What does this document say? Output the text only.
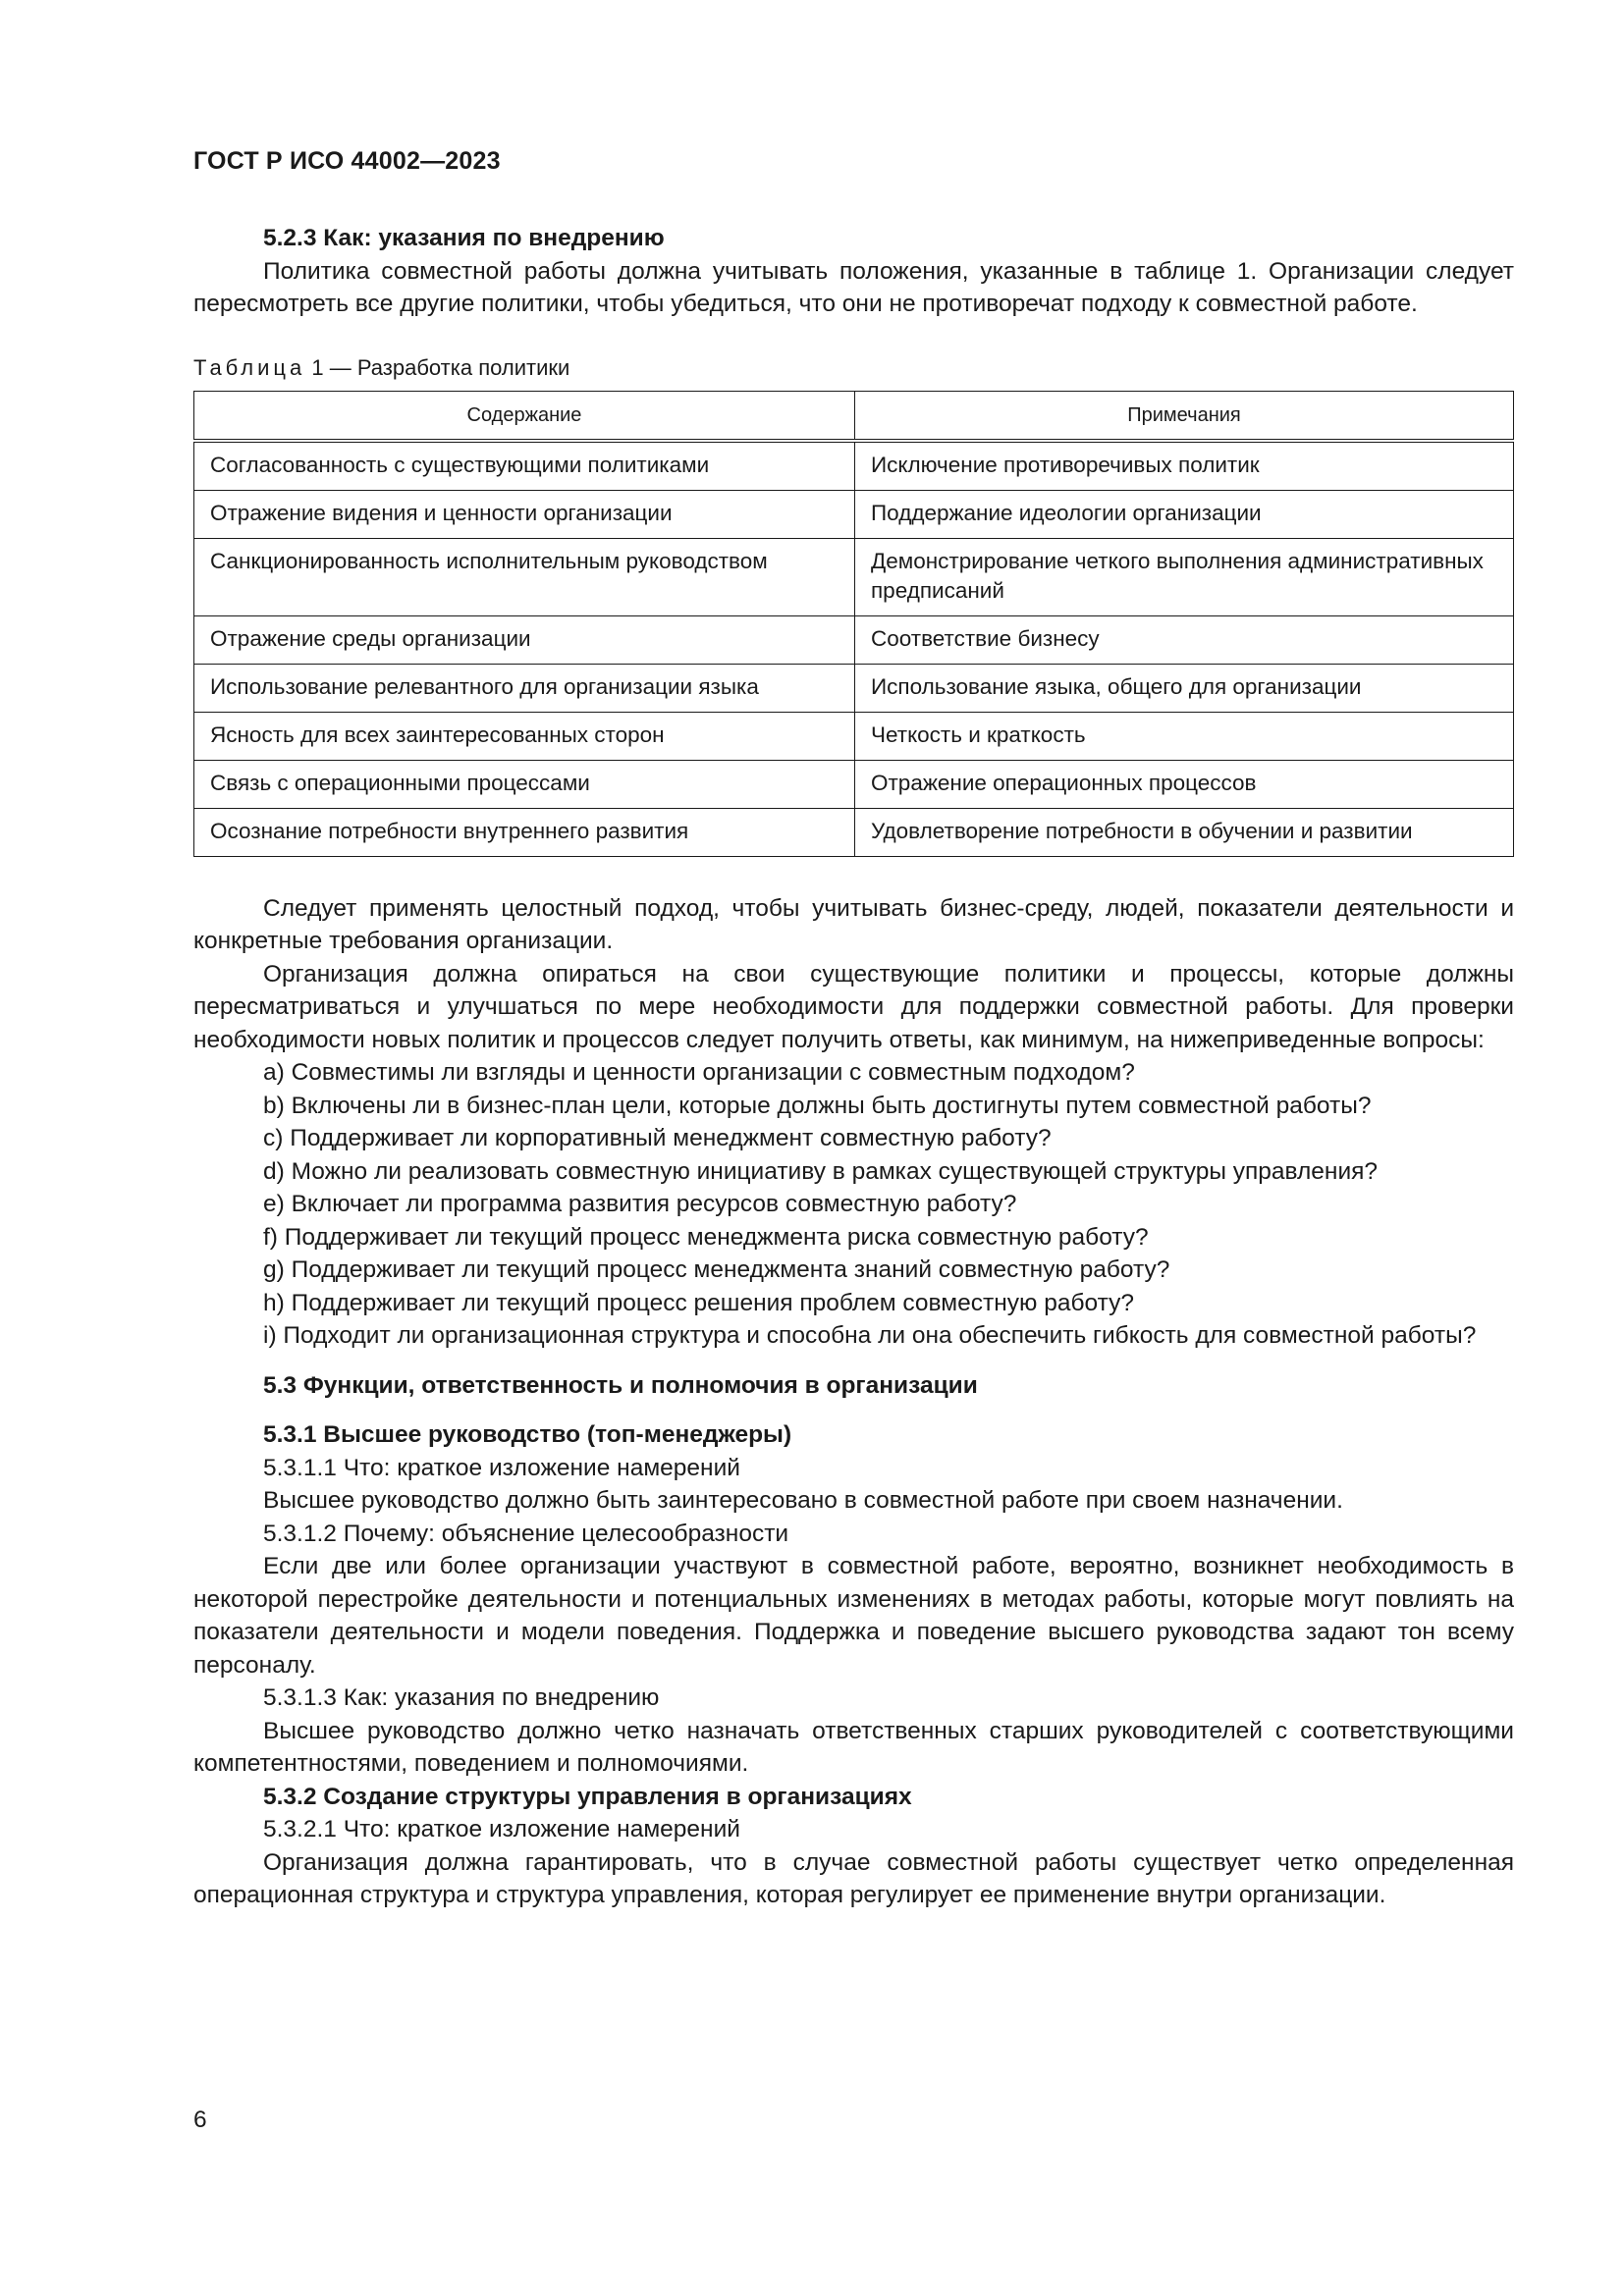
ГОСТ Р ИСО 44002—2023
5.2.3 Как: указания по внедрению

Политика совместной работы должна учитывать положения, указанные в таблице 1. Организации следует пересмотреть все другие политики, чтобы убедиться, что они не противоречат подходу к совместной работе.

Таблица 1 — Разработка политики
Содержание	Примечания
Согласованность с существующими политиками	Исключение противоречивых политик
Отражение видения и ценности организации	Поддержание идеологии организации
Санкционированность исполнительным руководством	Демонстрирование четкого выполнения административных предписаний
Отражение среды организации	Соответствие бизнесу
Использование релевантного для организации языка	Использование языка, общего для организации
Ясность для всех заинтересованных сторон	Четкость и краткость
Связь с операционными процессами	Отражение операционных процессов
Осознание потребности внутреннего развития	Удовлетворение потребности в обучении и развитии

Следует применять целостный подход, чтобы учитывать бизнес-среду, людей, показатели деятельности и конкретные требования организации.

Организация должна опираться на свои существующие политики и процессы, которые должны пересматриваться и улучшаться по мере необходимости для поддержки совместной работы. Для проверки необходимости новых политик и процессов следует получить ответы, как минимум, на нижеприведенные вопросы:

a) Совместимы ли взгляды и ценности организации с совместным подходом?
b) Включены ли в бизнес-план цели, которые должны быть достигнуты путем совместной работы?
c) Поддерживает ли корпоративный менеджмент совместную работу?
d) Можно ли реализовать совместную инициативу в рамках существующей структуры управления?
e) Включает ли программа развития ресурсов совместную работу?
f) Поддерживает ли текущий процесс менеджмента риска совместную работу?
g) Поддерживает ли текущий процесс менеджмента знаний совместную работу?
h) Поддерживает ли текущий процесс решения проблем совместную работу?
i) Подходит ли организационная структура и способна ли она обеспечить гибкость для совместной работы?
5.3 Функции, ответственность и полномочия в организации
5.3.1 Высшее руководство (топ-менеджеры)
5.3.1.1 Что: краткое изложение намерений

Высшее руководство должно быть заинтересовано в совместной работе при своем назначении.

5.3.1.2 Почему: объяснение целесообразности

Если две или более организации участвуют в совместной работе, вероятно, возникнет необходимость в некоторой перестройке деятельности и потенциальных изменениях в методах работы, которые могут повлиять на показатели деятельности и модели поведения. Поддержка и поведение высшего руководства задают тон всему персоналу.

5.3.1.3 Как: указания по внедрению

Высшее руководство должно четко назначать ответственных старших руководителей с соответствующими компетентностями, поведением и полномочиями.

5.3.2 Создание структуры управления в организациях
5.3.2.1 Что: краткое изложение намерений

Организация должна гарантировать, что в случае совместной работы существует четко определенная операционная структура и структура управления, которая регулирует ее применение внутри организации.

6
